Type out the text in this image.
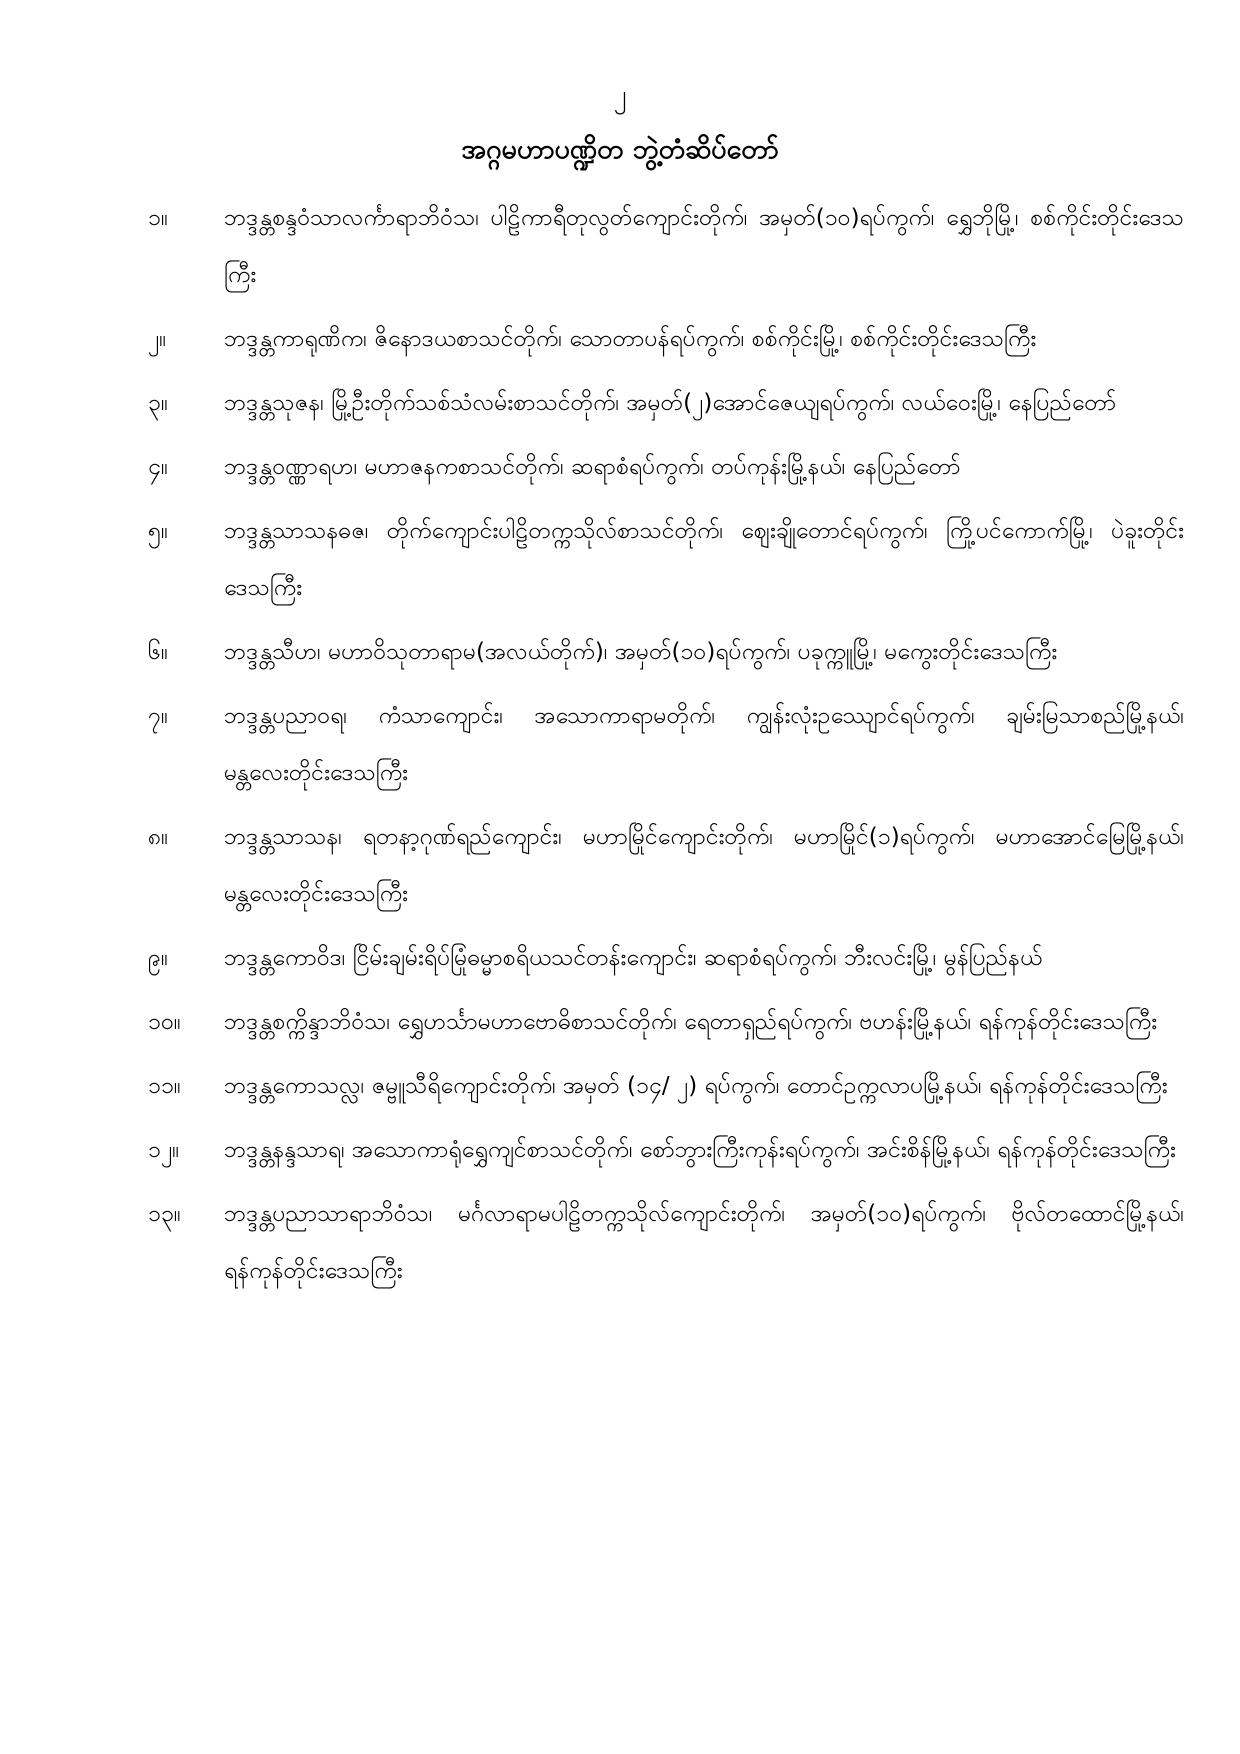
၂
အဂ္ဂမဟာပဏ္ဍိတ ဘွဲ့တံဆိပ်တော်
၁။	ဘဒ္ဒန္တစန္ဒဝံသာလင်္ကာရာဘိဝံသ၊ ပါဠိကာရီတုလွတ်ကျောင်းတိုက်၊ အမှတ်(၁၀)ရပ်ကွက်၊ ရွှေဘိုမြို့၊ စစ်ကိုင်းတိုင်းဒေသကြီး
၂။	ဘဒ္ဒန္တကာရုဏိက၊ ဇိနောဒယစာသင်တိုက်၊ သောတာပန်ရပ်ကွက်၊ စစ်ကိုင်းမြို့၊ စစ်ကိုင်းတိုင်းဒေသကြီး
၃။	ဘဒ္ဒန္တသုဇန၊ မြို့ဦးတိုက်သစ်သံလမ်းစာသင်တိုက်၊ အမှတ်(၂)အောင်ဇေယျရပ်ကွက်၊ လယ်ဝေးမြို့၊ နေပြည်တော်
၄။	ဘဒ္ဒန္တဝဏ္ဏာရဟ၊ မဟာဇနကစာသင်တိုက်၊ ဆရာစံရပ်ကွက်၊ တပ်ကုန်းမြို့နယ်၊ နေပြည်တော်
၅။	ဘဒ္ဒန္တသာသနဓဇ၊ တိုက်ကျောင်းပါဠိတက္ကသိုလ်စာသင်တိုက်၊ ဈေးချိုတောင်ရပ်ကွက်၊ ကြို့ပင်ကောက်မြို့၊ ပဲခူးတိုင်းဒေသကြီး
၆။	ဘဒ္ဒန္တသီဟ၊ မဟာဝိသုတာရာမ(အလယ်တိုက်)၊ အမှတ်(၁၀)ရပ်ကွက်၊ ပခုက္ကူမြို့၊ မကွေးတိုင်းဒေသကြီး
၇။	ဘဒ္ဒန္တပညာဝရ၊ ကံသာကျောင်း၊ အသောကာရာမတိုက်၊ ကျွန်းလုံးဥဿျောင်ရပ်ကွက်၊ ချမ်းမြသာစည်မြို့နယ်၊ မန္တလေးတိုင်းဒေသကြီး
၈။	ဘဒ္ဒန္တသာသန၊ ရတနာ့ဂုဏ်ရည်ကျောင်း၊ မဟာမြိုင်ကျောင်းတိုက်၊ မဟာမြိုင်(၁)ရပ်ကွက်၊ မဟာအောင်မြေမြို့နယ်၊ မန္တလေးတိုင်းဒေသကြီး
၉။	ဘဒ္ဒန္တကောဝိဒ၊ ငြိမ်းချမ်းရိပ်မြုံဓမ္မာစရိယသင်တန်းကျောင်း၊ ဆရာစံရပ်ကွက်၊ ဘီးလင်းမြို့၊ မွန်ပြည်နယ်
၁၀။	ဘဒ္ဒန္တစက္ကိန္ဒာဘိဝံသ၊ ရွှေဟင်္သာမဟာဗောဓိစာသင်တိုက်၊ ရေတာရှည်ရပ်ကွက်၊ ဗဟန်းမြို့နယ်၊ ရန်ကုန်တိုင်းဒေသကြီး
၁၁။	ဘဒ္ဒန္တကောသလ္လ၊ ဇမ္ဗူသီရိကျောင်းတိုက်၊ အမှတ် (၁၄/ ၂) ရပ်ကွက်၊ တောင်ဥက္ကလာပမြို့နယ်၊ ရန်ကုန်တိုင်းဒေသကြီး
၁၂။	ဘဒ္ဒန္တနန္ဒသာရ၊ အသောကာရုံရွှေကျင်စာသင်တိုက်၊ စော်ဘွားကြီးကုန်းရပ်ကွက်၊ အင်းစိန်မြို့နယ်၊ ရန်ကုန်တိုင်းဒေသကြီး
၁၃။	ဘဒ္ဒန္တပညာသာရာဘိဝံသ၊ မင်္ဂလာရာမပါဠိတက္ကသိုလ်ကျောင်းတိုက်၊ အမှတ်(၁၀)ရပ်ကွက်၊ ဗိုလ်တထောင်မြို့နယ်၊ ရန်ကုန်တိုင်းဒေသကြီး
